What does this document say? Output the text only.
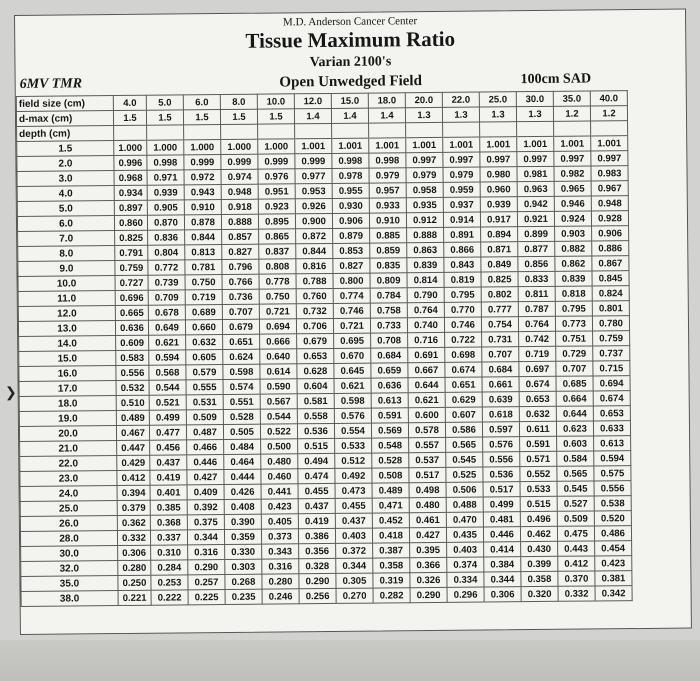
M.D. Anderson Cancer Center
Tissue Maximum Ratio
Varian 2100's
6MV TMR	Open Unwedged Field	100cm SAD
field size (cm)	4.0	5.0	6.0	8.0	10.0	12.0	15.0	18.0	20.0	22.0	25.0	30.0	35.0	40.0
d-max (cm)	1.5	1.5	1.5	1.5	1.5	1.4	1.4	1.4	1.3	1.3	1.3	1.3	1.2	1.2
depth (cm)														
1.5	1.000	1.000	1.000	1.000	1.000	1.001	1.001	1.001	1.001	1.001	1.001	1.001	1.001	1.001
2.0	0.996	0.998	0.999	0.999	0.999	0.999	0.998	0.998	0.997	0.997	0.997	0.997	0.997	0.997
3.0	0.968	0.971	0.972	0.974	0.976	0.977	0.978	0.979	0.979	0.979	0.980	0.981	0.982	0.983
4.0	0.934	0.939	0.943	0.948	0.951	0.953	0.955	0.957	0.958	0.959	0.960	0.963	0.965	0.967
5.0	0.897	0.905	0.910	0.918	0.923	0.926	0.930	0.933	0.935	0.937	0.939	0.942	0.946	0.948
6.0	0.860	0.870	0.878	0.888	0.895	0.900	0.906	0.910	0.912	0.914	0.917	0.921	0.924	0.928
7.0	0.825	0.836	0.844	0.857	0.865	0.872	0.879	0.885	0.888	0.891	0.894	0.899	0.903	0.906
8.0	0.791	0.804	0.813	0.827	0.837	0.844	0.853	0.859	0.863	0.866	0.871	0.877	0.882	0.886
9.0	0.759	0.772	0.781	0.796	0.808	0.816	0.827	0.835	0.839	0.843	0.849	0.856	0.862	0.867
10.0	0.727	0.739	0.750	0.766	0.778	0.788	0.800	0.809	0.814	0.819	0.825	0.833	0.839	0.845
11.0	0.696	0.709	0.719	0.736	0.750	0.760	0.774	0.784	0.790	0.795	0.802	0.811	0.818	0.824
12.0	0.665	0.678	0.689	0.707	0.721	0.732	0.746	0.758	0.764	0.770	0.777	0.787	0.795	0.801
13.0	0.636	0.649	0.660	0.679	0.694	0.706	0.721	0.733	0.740	0.746	0.754	0.764	0.773	0.780
14.0	0.609	0.621	0.632	0.651	0.666	0.679	0.695	0.708	0.716	0.722	0.731	0.742	0.751	0.759
15.0	0.583	0.594	0.605	0.624	0.640	0.653	0.670	0.684	0.691	0.698	0.707	0.719	0.729	0.737
16.0	0.556	0.568	0.579	0.598	0.614	0.628	0.645	0.659	0.667	0.674	0.684	0.697	0.707	0.715
17.0	0.532	0.544	0.555	0.574	0.590	0.604	0.621	0.636	0.644	0.651	0.661	0.674	0.685	0.694
18.0	0.510	0.521	0.531	0.551	0.567	0.581	0.598	0.613	0.621	0.629	0.639	0.653	0.664	0.674
19.0	0.489	0.499	0.509	0.528	0.544	0.558	0.576	0.591	0.600	0.607	0.618	0.632	0.644	0.653
20.0	0.467	0.477	0.487	0.505	0.522	0.536	0.554	0.569	0.578	0.586	0.597	0.611	0.623	0.633
21.0	0.447	0.456	0.466	0.484	0.500	0.515	0.533	0.548	0.557	0.565	0.576	0.591	0.603	0.613
22.0	0.429	0.437	0.446	0.464	0.480	0.494	0.512	0.528	0.537	0.545	0.556	0.571	0.584	0.594
23.0	0.412	0.419	0.427	0.444	0.460	0.474	0.492	0.508	0.517	0.525	0.536	0.552	0.565	0.575
24.0	0.394	0.401	0.409	0.426	0.441	0.455	0.473	0.489	0.498	0.506	0.517	0.533	0.545	0.556
25.0	0.379	0.385	0.392	0.408	0.423	0.437	0.455	0.471	0.480	0.488	0.499	0.515	0.527	0.538
26.0	0.362	0.368	0.375	0.390	0.405	0.419	0.437	0.452	0.461	0.470	0.481	0.496	0.509	0.520
28.0	0.332	0.337	0.344	0.359	0.373	0.386	0.403	0.418	0.427	0.435	0.446	0.462	0.475	0.486
30.0	0.306	0.310	0.316	0.330	0.343	0.356	0.372	0.387	0.395	0.403	0.414	0.430	0.443	0.454
32.0	0.280	0.284	0.290	0.303	0.316	0.328	0.344	0.358	0.366	0.374	0.384	0.399	0.412	0.423
35.0	0.250	0.253	0.257	0.268	0.280	0.290	0.305	0.319	0.326	0.334	0.344	0.358	0.370	0.381
38.0	0.221	0.222	0.225	0.235	0.246	0.256	0.270	0.282	0.290	0.296	0.306	0.320	0.332	0.342
❯
